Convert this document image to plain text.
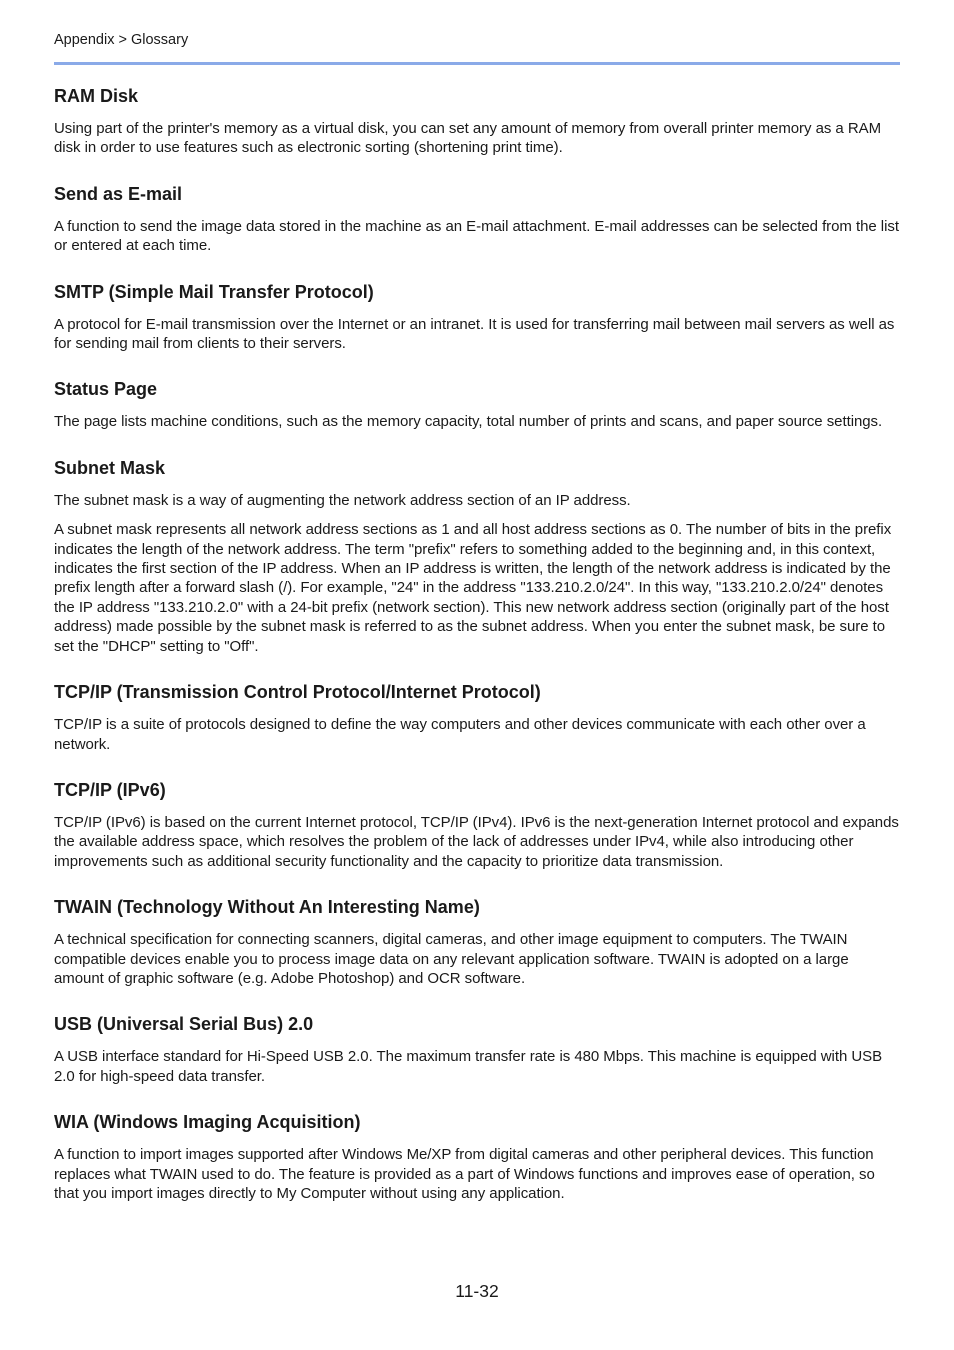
Appendix > Glossary
RAM Disk

Using part of the printer's memory as a virtual disk, you can set any amount of memory from overall printer memory as a RAM disk in order to use features such as electronic sorting (shortening print time).

Send as E-mail

A function to send the image data stored in the machine as an E-mail attachment. E-mail addresses can be selected from the list or entered at each time.

SMTP (Simple Mail Transfer Protocol)

A protocol for E-mail transmission over the Internet or an intranet. It is used for transferring mail between mail servers as well as for sending mail from clients to their servers.

Status Page

The page lists machine conditions, such as the memory capacity, total number of prints and scans, and paper source settings.

Subnet Mask

The subnet mask is a way of augmenting the network address section of an IP address.

A subnet mask represents all network address sections as 1 and all host address sections as 0. The number of bits in the prefix indicates the length of the network address. The term "prefix" refers to something added to the beginning and, in this context, indicates the first section of the IP address. When an IP address is written, the length of the network address is indicated by the prefix length after a forward slash (/). For example, "24" in the address "133.210.2.0/24". In this way, "133.210.2.0/24" denotes the IP address "133.210.2.0" with a 24-bit prefix (network section). This new network address section (originally part of the host address) made possible by the subnet mask is referred to as the subnet address. When you enter the subnet mask, be sure to set the "DHCP" setting to "Off".

TCP/IP (Transmission Control Protocol/Internet Protocol)

TCP/IP is a suite of protocols designed to define the way computers and other devices communicate with each other over a network.

TCP/IP (IPv6)

TCP/IP (IPv6) is based on the current Internet protocol, TCP/IP (IPv4). IPv6 is the next-generation Internet protocol and expands the available address space, which resolves the problem of the lack of addresses under IPv4, while also introducing other improvements such as additional security functionality and the capacity to prioritize data transmission.

TWAIN (Technology Without An Interesting Name)

A technical specification for connecting scanners, digital cameras, and other image equipment to computers. The TWAIN compatible devices enable you to process image data on any relevant application software. TWAIN is adopted on a large amount of graphic software (e.g. Adobe Photoshop) and OCR software.

USB (Universal Serial Bus) 2.0

A USB interface standard for Hi-Speed USB 2.0. The maximum transfer rate is 480 Mbps. This machine is equipped with USB 2.0 for high-speed data transfer.

WIA (Windows Imaging Acquisition)

A function to import images supported after Windows Me/XP from digital cameras and other peripheral devices. This function replaces what TWAIN used to do. The feature is provided as a part of Windows functions and improves ease of operation, so that you import images directly to My Computer without using any application.

11-32
